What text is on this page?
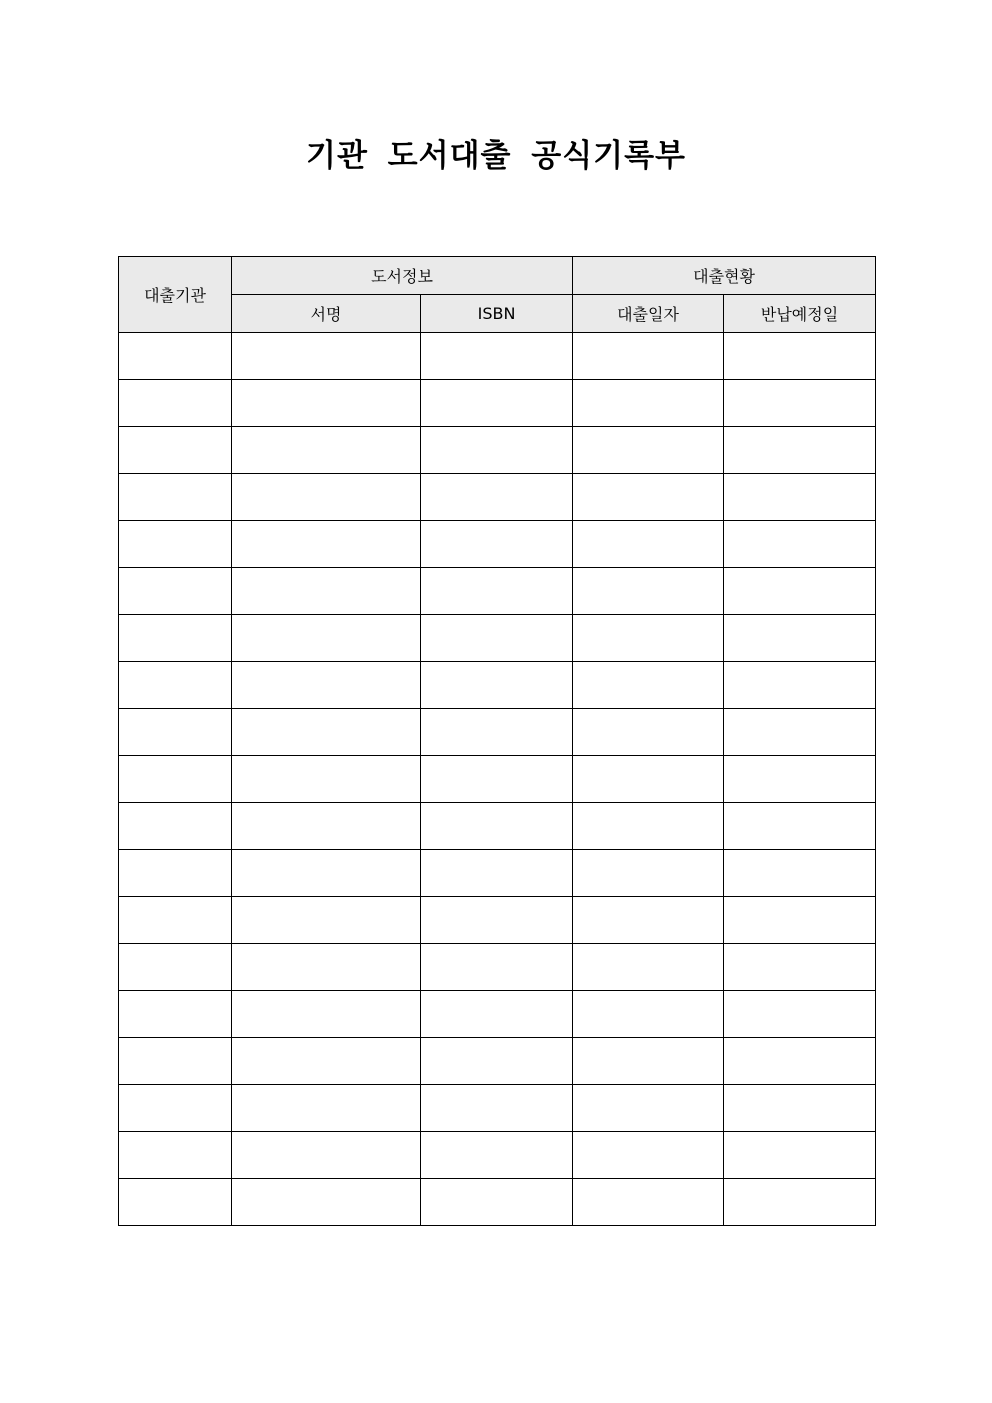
기관 도서대출 공식기록부
대출기관	도서정보		대출현황	
	서명	ISBN	대출일자	반납예정일
